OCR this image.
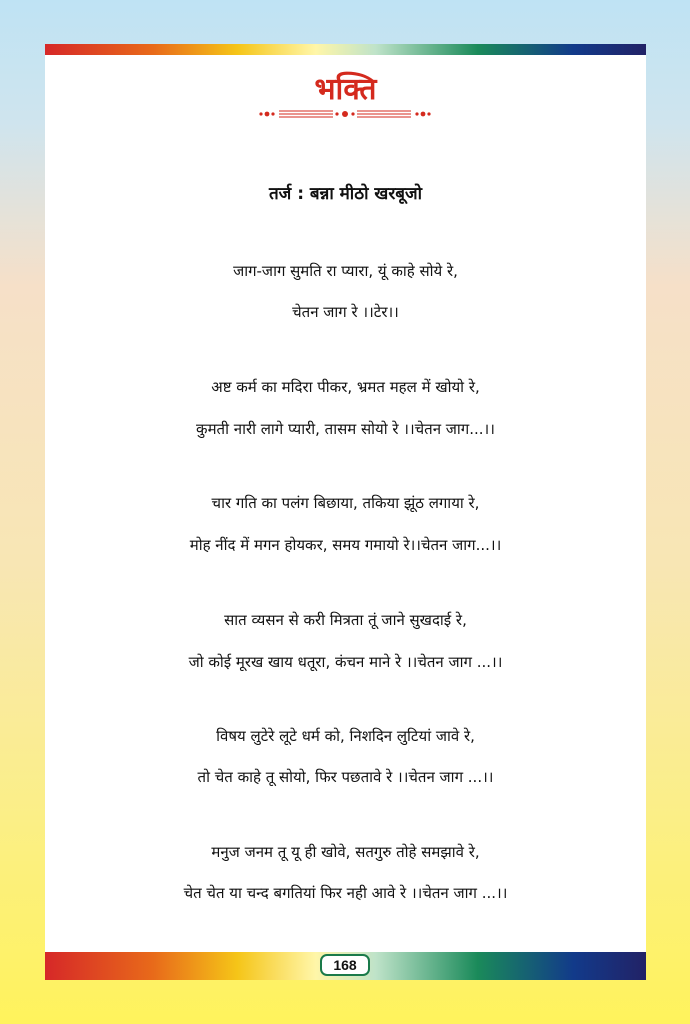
भक्ति
तर्ज : बन्ना मीठो खरबूजो
जाग-जाग सुमति रा प्यारा, यूं काहे सोये रे,
चेतन जाग रे ।।टेर।।
अष्ट कर्म का मदिरा पीकर, भ्रमत महल में खोयो रे,
कुमती नारी लागे प्यारी, तासम सोयो रे ।।चेतन जाग...।।
चार गति का पलंग बिछाया, तकिया झूंठ लगाया रे,
मोह नींद में मगन होयकर, समय गमायो रे।।चेतन जाग...।।
सात व्यसन से करी मित्रता तूं जाने सुखदाई रे,
जो कोई मूरख खाय धतूरा, कंचन माने रे ।।चेतन जाग ...।।
विषय लुटेरे लूटे धर्म को, निशदिन लुटियां जावे रे,
तो चेत काहे तू सोयो, फिर पछतावे रे ।।चेतन जाग ...।।
मनुज जनम तू यू ही खोवे, सतगुरु तोहे समझावे रे,
चेत चेत या चन्द बगतियां फिर नही आवे रे ।।चेतन जाग ...।।
168
